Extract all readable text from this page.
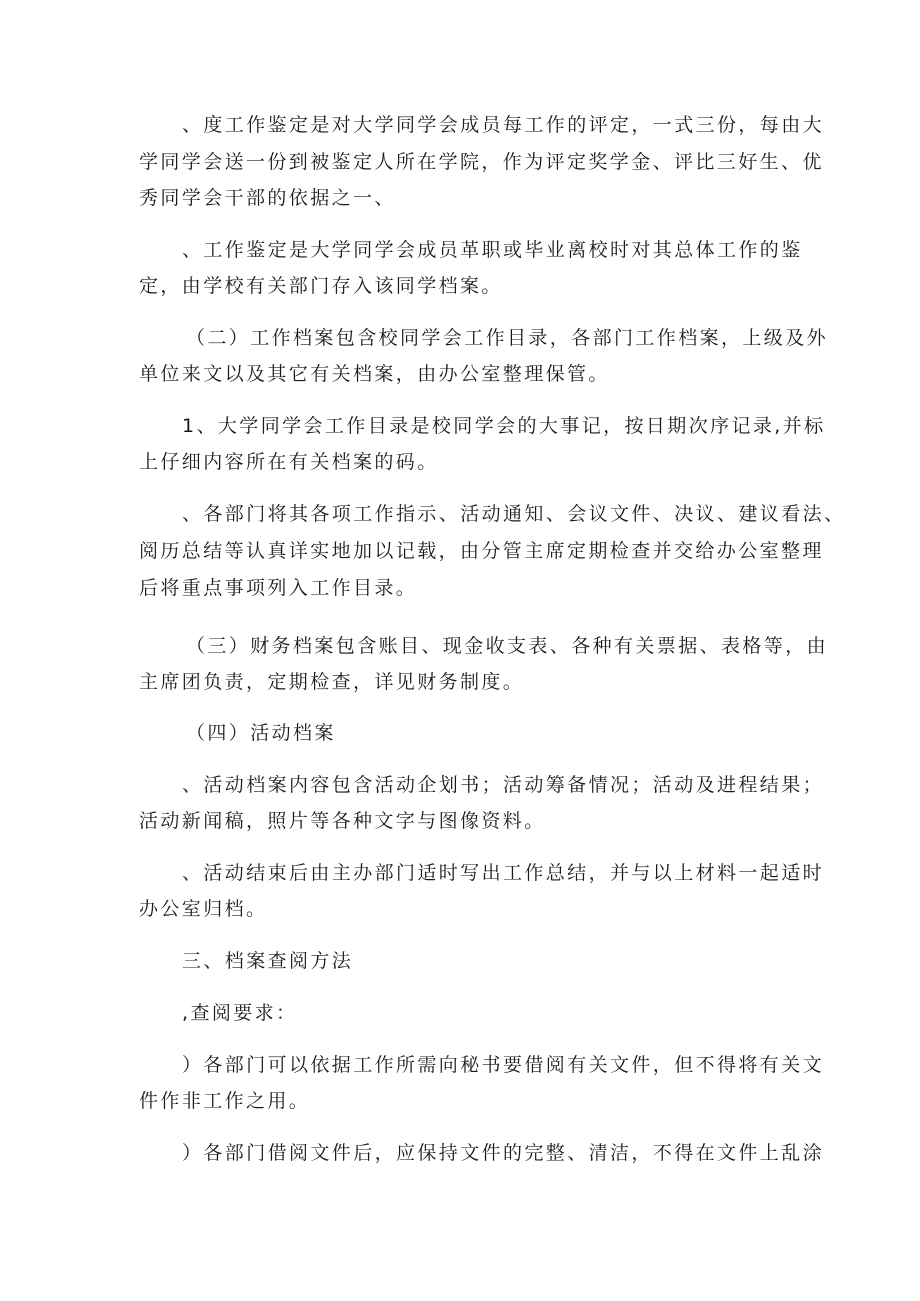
、度工作鉴定是对大学同学会成员每工作的评定，一式三份，每由大
学同学会送一份到被鉴定人所在学院，作为评定奖学金、评比三好生、优
秀同学会干部的依据之一、
、工作鉴定是大学同学会成员革职或毕业离校时对其总体工作的鉴
定，由学校有关部门存入该同学档案。
（二）工作档案包含校同学会工作目录，各部门工作档案，上级及外
单位来文以及其它有关档案，由办公室整理保管。
1、大学同学会工作目录是校同学会的大事记，按日期次序记录,并标
上仔细内容所在有关档案的码。
、各部门将其各项工作指示、活动通知、会议文件、决议、建议看法、
阅历总结等认真详实地加以记载，由分管主席定期检查并交给办公室整理
后将重点事项列入工作目录。
（三）财务档案包含账目、现金收支表、各种有关票据、表格等，由
主席团负责，定期检查，详见财务制度。
（四）活动档案
、活动档案内容包含活动企划书；活动筹备情况；活动及进程结果；
活动新闻稿，照片等各种文字与图像资料。
、活动结束后由主办部门适时写出工作总结，并与以上材料一起适时
办公室归档。
三、档案查阅方法
,查阅要求：
）各部门可以依据工作所需向秘书要借阅有关文件，但不得将有关文
件作非工作之用。
）各部门借阅文件后，应保持文件的完整、清洁，不得在文件上乱涂
